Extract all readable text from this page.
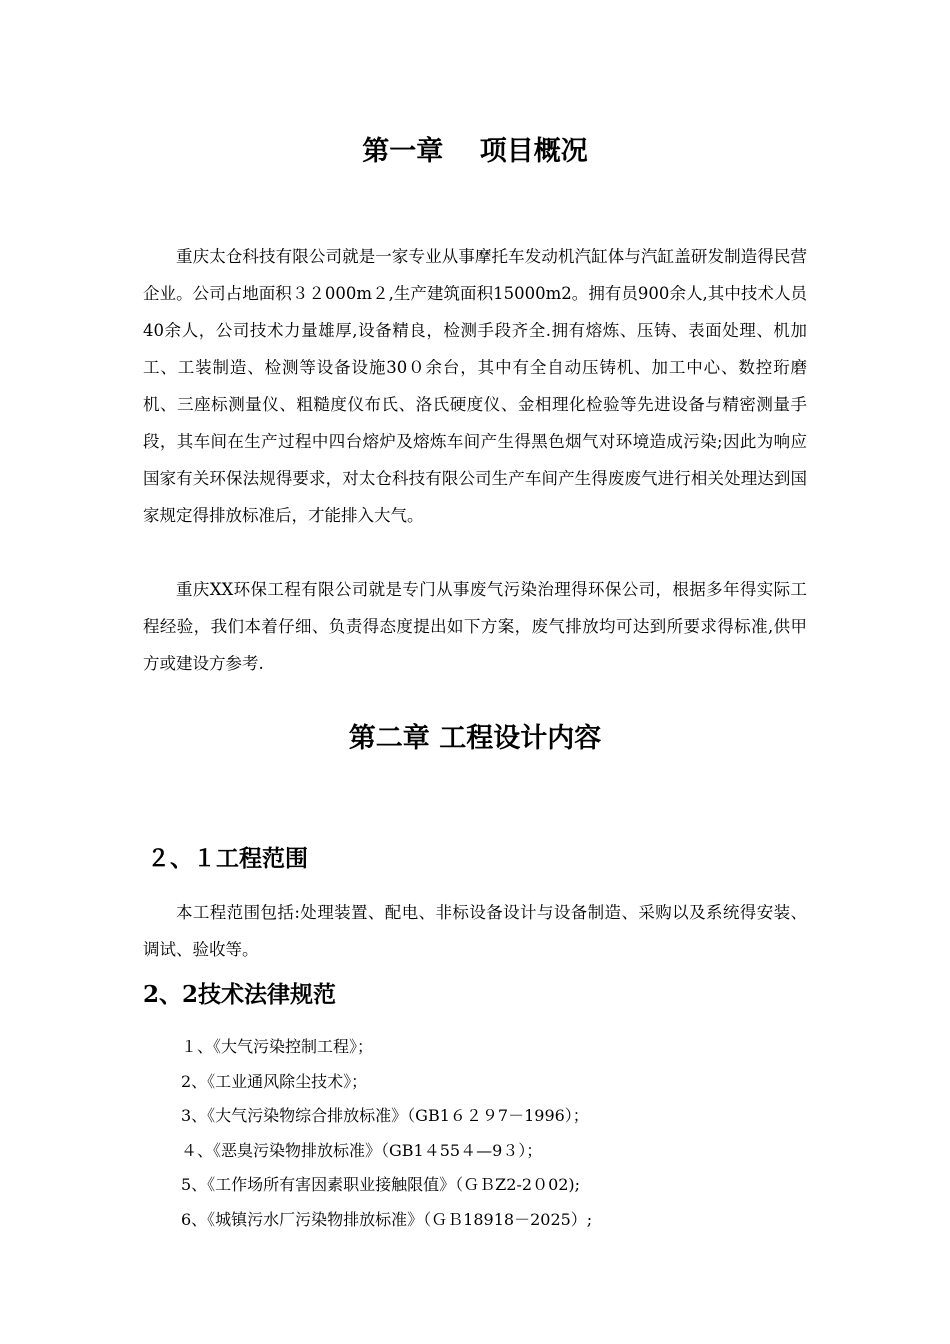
第一章　 项目概况

重庆太仓科技有限公司就是一家专业从事摩托车发动机汽缸体与汽缸盖研发制造得民营企业。公司占地面积３２000m２,生产建筑面积15000m2。拥有员900余人,其中技术人员40余人，公司技术力量雄厚,设备精良，检测手段齐全.拥有熔炼、压铸、表面处理、机加工、工装制造、检测等设备设施30０余台，其中有全自动压铸机、加工中心、数控珩磨机、三座标测量仪、粗糙度仪布氏、洛氏硬度仪、金相理化检验等先进设备与精密测量手段，其车间在生产过程中四台熔炉及熔炼车间产生得黑色烟气对环境造成污染;因此为响应国家有关环保法规得要求，对太仓科技有限公司生产车间产生得废废气进行相关处理达到国家规定得排放标准后，才能排入大气。

重庆XX环保工程有限公司就是专门从事废气污染治理得环保公司，根据多年得实际工程经验，我们本着仔细、负责得态度提出如下方案，废气排放均可达到所要求得标准,供甲方或建设方参考.

第二章 工程设计内容
２、１工程范围

本工程范围包括:处理装置、配电、非标设备设计与设备制造、采购以及系统得安装、调试、验收等。

2、2技术法律规范
１、《大气污染控制工程》；
2、《工业通风除尘技术》；
3、《大气污染物综合排放标准》（GB1６２９7－1996）；
４、《恶臭污染物排放标准》（GB1４55４—9３）；
5、《工作场所有害因素职业接触限值》（ＧＢZ2-2０02);
6、《城镇污水厂污染物排放标准》（ＧＢ18918－2025）;
